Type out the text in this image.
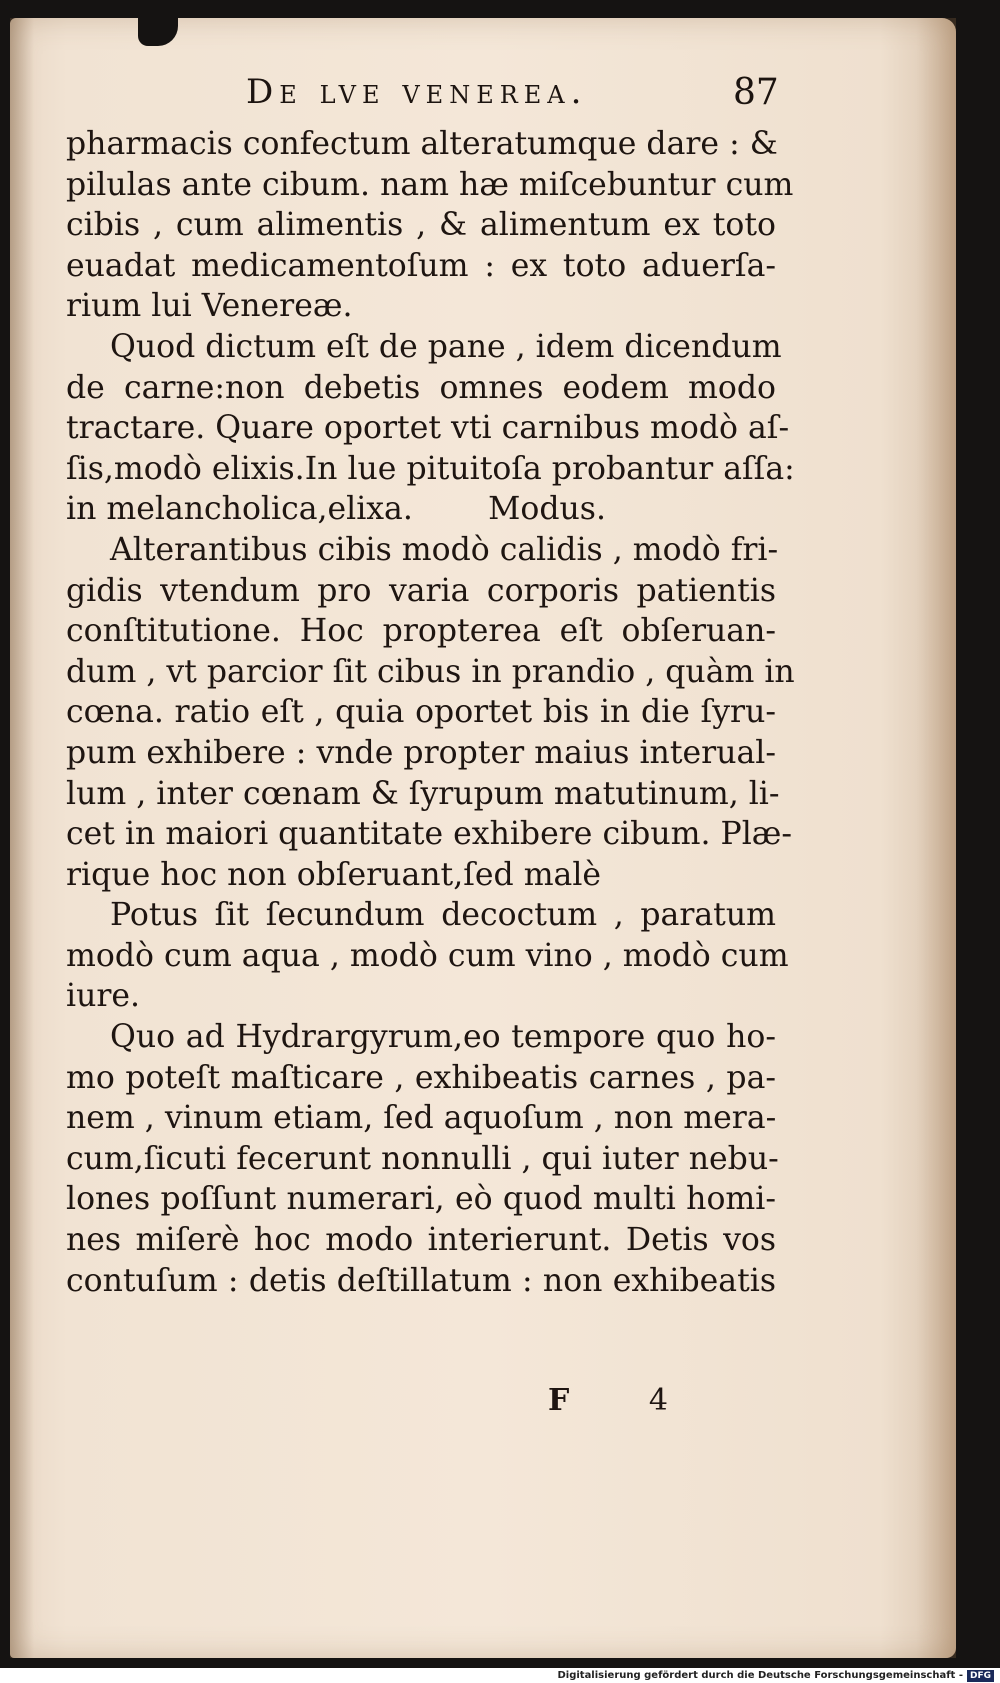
De lve venerea.	87
pharmacis confectum alteratumque dare : &
pilulas ante cibum. nam hæ miſcebuntur cum
cibis , cum alimentis , & alimentum ex toto
euadat medicamentoſum : ex toto aduerſa-
rium lui Venereæ.
Quod dictum eſt de pane , idem dicendum
de carne:non debetis omnes eodem modo
tractare. Quare oportet vti carnibus modò aſ-
ſis,modò elixis.In lue pituitoſa probantur aſſa:
in melancholica,elixa. Modus.
Alterantibus cibis modò calidis , modò fri-
gidis vtendum pro varia corporis patientis
conſtitutione. Hoc propterea eſt obſeruan-
dum , vt parcior ſit cibus in prandio , quàm in
cœna. ratio eſt , quia oportet bis in die ſyru-
pum exhibere : vnde propter maius interual-
lum , inter cœnam & ſyrupum matutinum, li-
cet in maiori quantitate exhibere cibum. Plæ-
rique hoc non obſeruant,ſed malè
Potus ſit ſecundum decoctum , paratum
modò cum aqua , modò cum vino , modò cum
iure.
Quo ad Hydrargyrum,eo tempore quo ho-
mo poteſt maſticare , exhibeatis carnes , pa-
nem , vinum etiam, ſed aquoſum , non mera-
cum,ſicuti fecerunt nonnulli , qui iuter nebu-
lones poſſunt numerari, eò quod multi homi-
nes miſerè hoc modo interierunt. Detis vos
contuſum : detis deſtillatum : non exhibeatis
F	4
Digitalisierung gefördert durch die Deutsche Forschungsgemeinschaft - DFG
